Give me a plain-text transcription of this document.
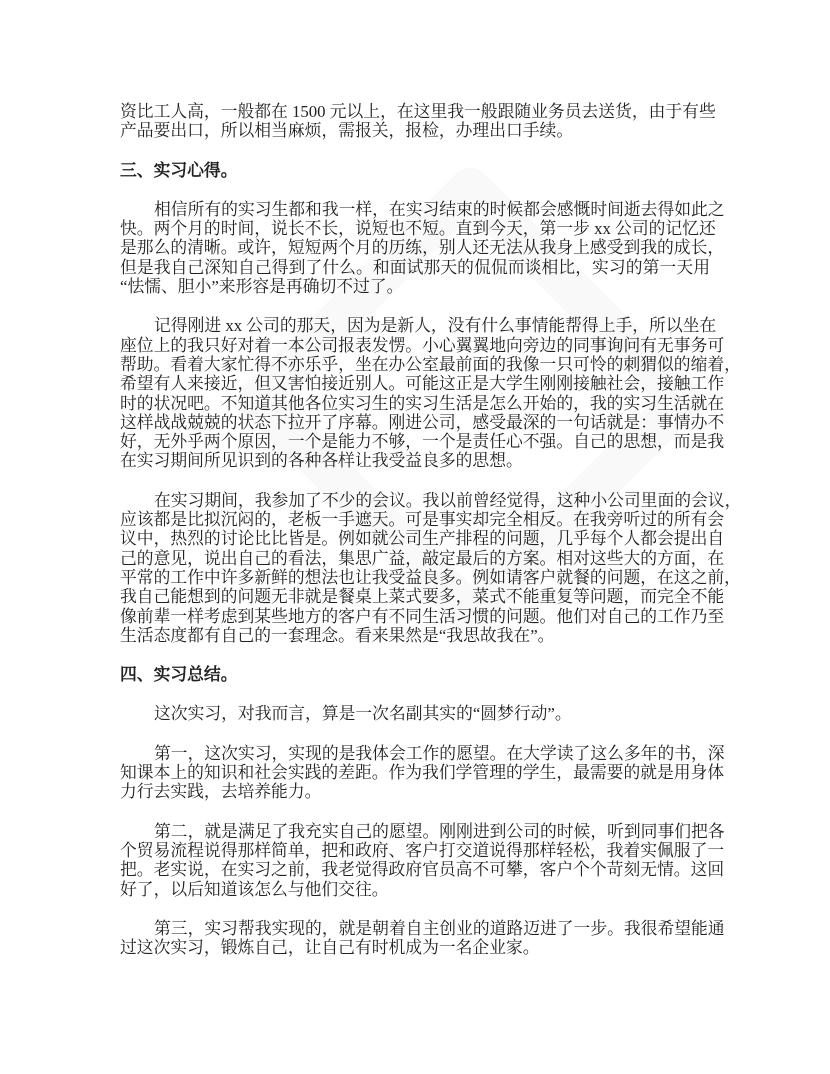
资比工人高，一般都在 1500 元以上，在这里我一般跟随业务员去送货，由于有些
产品要出口，所以相当麻烦，需报关，报检，办理出口手续。
三、实习心得。
相信所有的实习生都和我一样，在实习结束的时候都会感慨时间逝去得如此之
快。两个月的时间，说长不长，说短也不短。直到今天，第一步 xx 公司的记忆还
是那么的清晰。或许，短短两个月的历练，别人还无法从我身上感受到我的成长，
但是我自己深知自己得到了什么。和面试那天的侃侃而谈相比，实习的第一天用
“怯懦、胆小”来形容是再确切不过了。
记得刚进 xx 公司的那天，因为是新人，没有什么事情能帮得上手，所以坐在
座位上的我只好对着一本公司报表发愣。小心翼翼地向旁边的同事询问有无事务可
帮助。看着大家忙得不亦乐乎，坐在办公室最前面的我像一只可怜的刺猬似的缩着，
希望有人来接近，但又害怕接近别人。可能这正是大学生刚刚接触社会，接触工作
时的状况吧。不知道其他各位实习生的实习生活是怎么开始的，我的实习生活就在
这样战战兢兢的状态下拉开了序幕。刚进公司，感受最深的一句话就是：事情办不
好，无外乎两个原因，一个是能力不够，一个是责任心不强。自己的思想，而是我
在实习期间所见识到的各种各样让我受益良多的思想。
在实习期间，我参加了不少的会议。我以前曾经觉得，这种小公司里面的会议，
应该都是比拟沉闷的，老板一手遮天。可是事实却完全相反。在我旁听过的所有会
议中，热烈的讨论比比皆是。例如就公司生产排程的问题，几乎每个人都会提出自
己的意见，说出自己的看法，集思广益，敲定最后的方案。相对这些大的方面，在
平常的工作中许多新鲜的想法也让我受益良多。例如请客户就餐的问题，在这之前，
我自己能想到的问题无非就是餐桌上菜式要多，菜式不能重复等问题，而完全不能
像前辈一样考虑到某些地方的客户有不同生活习惯的问题。他们对自己的工作乃至
生活态度都有自己的一套理念。看来果然是“我思故我在”。
四、实习总结。
这次实习，对我而言，算是一次名副其实的“圆梦行动”。
第一，这次实习，实现的是我体会工作的愿望。在大学读了这么多年的书，深
知课本上的知识和社会实践的差距。作为我们学管理的学生，最需要的就是用身体
力行去实践，去培养能力。
第二，就是满足了我充实自己的愿望。刚刚进到公司的时候，听到同事们把各
个贸易流程说得那样简单，把和政府、客户打交道说得那样轻松，我着实佩服了一
把。老实说，在实习之前，我老觉得政府官员高不可攀，客户个个苛刻无情。这回
好了，以后知道该怎么与他们交往。
第三，实习帮我实现的，就是朝着自主创业的道路迈进了一步。我很希望能通
过这次实习，锻炼自己，让自己有时机成为一名企业家。
